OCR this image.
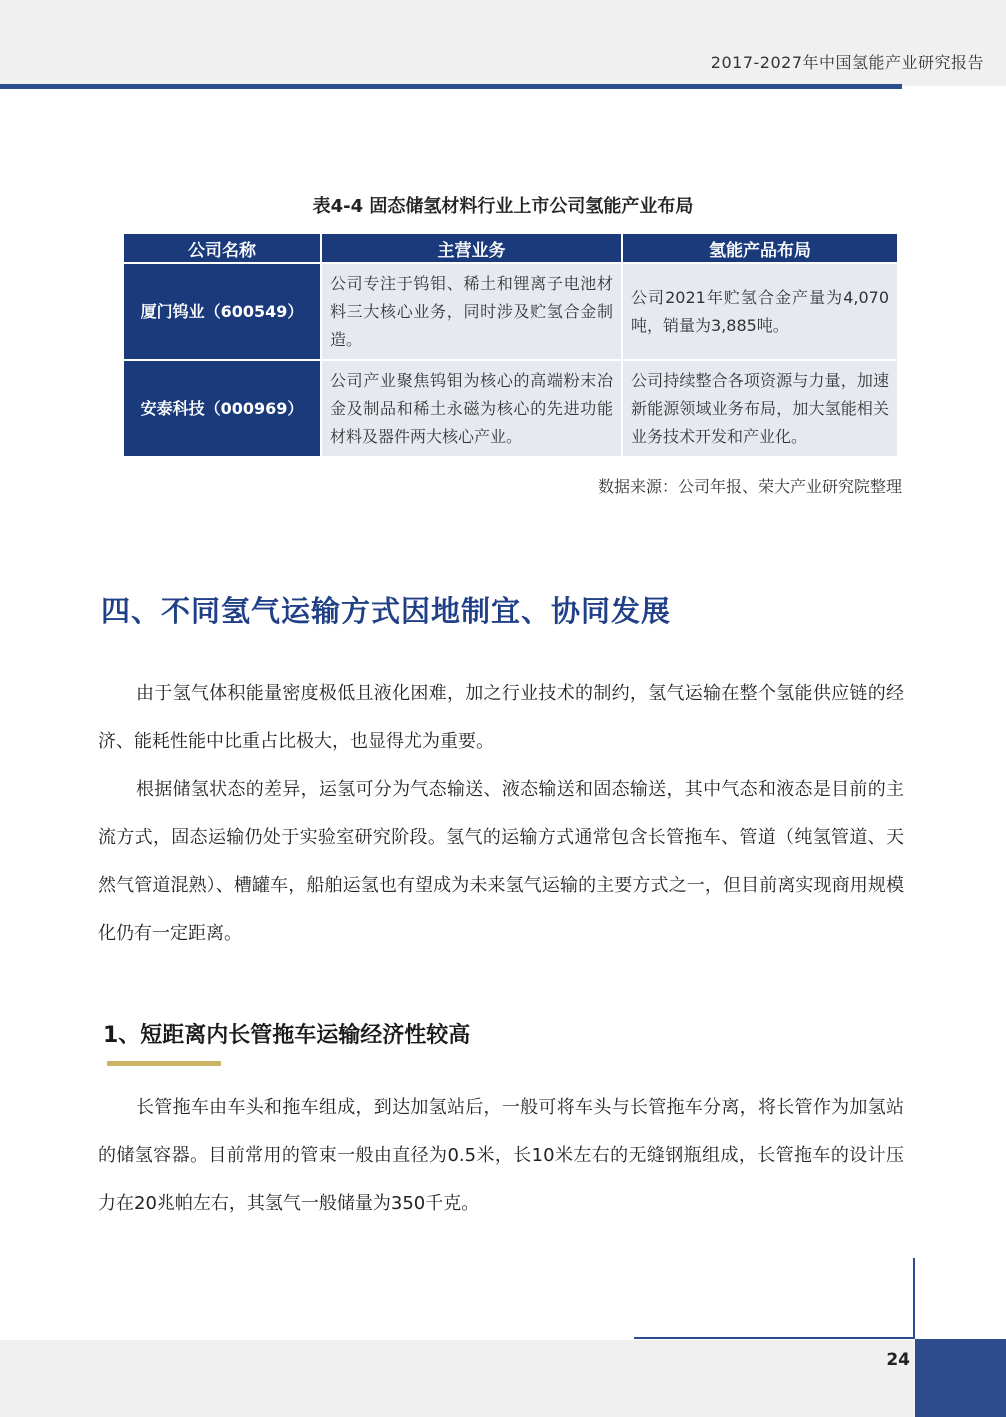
2017-2027年中国氢能产业研究报告
表4-4 固态储氢材料行业上市公司氢能产业布局
公司名称	主营业务	氢能产品布局
厦门钨业（600549）	公司专注于钨钼、稀土和锂离子电池材料三大核心业务，同时涉及贮氢合金制造。	公司2021年贮氢合金产量为4,070吨，销量为3,885吨。
安泰科技（000969）	公司产业聚焦钨钼为核心的高端粉末冶金及制品和稀土永磁为核心的先进功能材料及器件两大核心产业。	公司持续整合各项资源与力量，加速新能源领域业务布局，加大氢能相关业务技术开发和产业化。
数据来源：公司年报、荣大产业研究院整理
四、不同氢气运输方式因地制宜、协同发展

由于氢气体积能量密度极低且液化困难，加之行业技术的制约，氢气运输在整个氢能供应链的经济、能耗性能中比重占比极大，也显得尤为重要。

根据储氢状态的差异，运氢可分为气态输送、液态输送和固态输送，其中气态和液态是目前的主流方式，固态运输仍处于实验室研究阶段。氢气的运输方式通常包含长管拖车、管道（纯氢管道、天然气管道混熟）、槽罐车，船舶运氢也有望成为未来氢气运输的主要方式之一，但目前离实现商用规模化仍有一定距离。

1、短距离内长管拖车运输经济性较高

长管拖车由车头和拖车组成，到达加氢站后，一般可将车头与长管拖车分离，将长管作为加氢站的储氢容器。目前常用的管束一般由直径为0.5米，长10米左右的无缝钢瓶组成，长管拖车的设计压力在20兆帕左右，其氢气一般储量为350千克。

24
